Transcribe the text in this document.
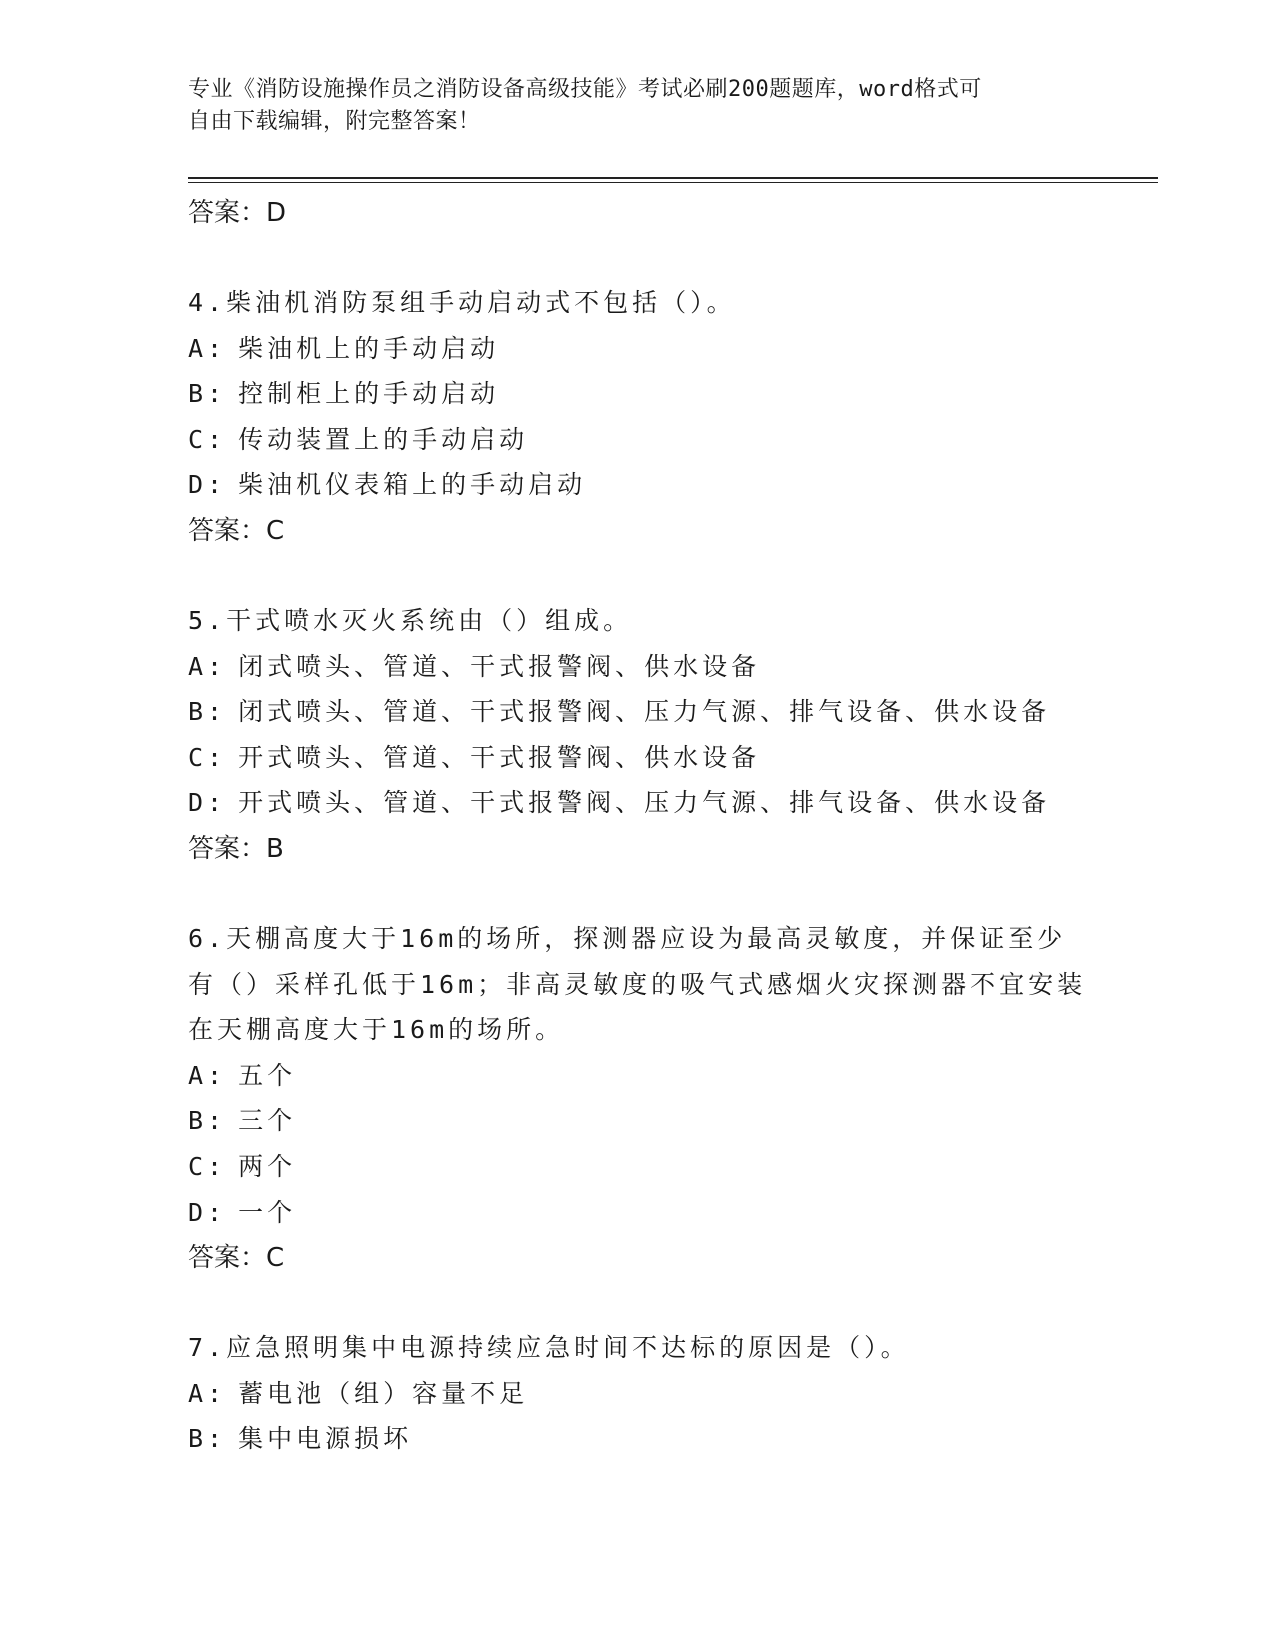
专业《消防设施操作员之消防设备高级技能》考试必刷200题题库，word格式可
自由下载编辑，附完整答案！
答案：D
4.柴油机消防泵组手动启动式不包括（）。
A: 柴油机上的手动启动
B: 控制柜上的手动启动
C: 传动装置上的手动启动
D: 柴油机仪表箱上的手动启动
答案：C
5.干式喷水灭火系统由（）组成。
A: 闭式喷头、管道、干式报警阀、供水设备
B: 闭式喷头、管道、干式报警阀、压力气源、排气设备、供水设备
C: 开式喷头、管道、干式报警阀、供水设备
D: 开式喷头、管道、干式报警阀、压力气源、排气设备、供水设备
答案：B
6.天棚高度大于16m的场所，探测器应设为最高灵敏度，并保证至少
有（）采样孔低于16m；非高灵敏度的吸气式感烟火灾探测器不宜安装
在天棚高度大于16m的场所。
A: 五个
B: 三个
C: 两个
D: 一个
答案：C
7.应急照明集中电源持续应急时间不达标的原因是（）。
A: 蓄电池（组）容量不足
B: 集中电源损坏
